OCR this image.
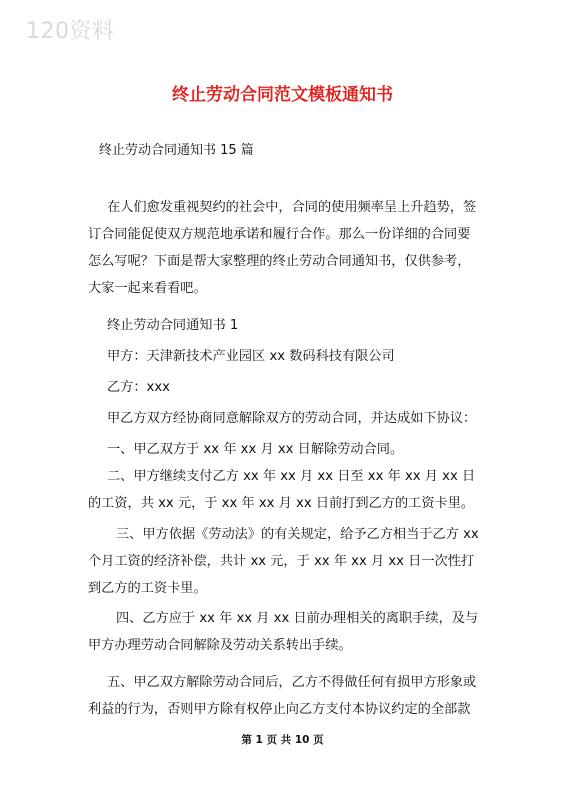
120资料
终止劳动合同范文模板通知书
终止劳动合同通知书 15 篇

在人们愈发重视契约的社会中，合同的使用频率呈上升趋势，签订合同能促使双方规范地承诺和履行合作。那么一份详细的合同要怎么写呢？下面是帮大家整理的终止劳动合同通知书，仅供参考，大家一起来看看吧。

终止劳动合同通知书 1
甲方：天津新技术产业园区 xx 数码科技有限公司
乙方：xxx
甲乙方双方经协商同意解除双方的劳动合同，并达成如下协议：
一、甲乙双方于 xx 年 xx 月 xx 日解除劳动合同。

二、甲方继续支付乙方 xx 年 xx 月 xx 日至 xx 年 xx 月 xx 日的工资，共 xx 元，于 xx 年 xx 月 xx 日前打到乙方的工资卡里。

三、甲方依据《劳动法》的有关规定，给予乙方相当于乙方 xx 个月工资的经济补偿，共计 xx 元，于 xx 年 xx 月 xx 日一次性打到乙方的工资卡里。

四、乙方应于 xx 年 xx 月 xx 日前办理相关的离职手续，及与甲方办理劳动合同解除及劳动关系转出手续。

五、甲乙双方解除劳动合同后，乙方不得做任何有损甲方形象或利益的行为，否则甲方除有权停止向乙方支付本协议约定的全部款

第 1 页 共 10 页
